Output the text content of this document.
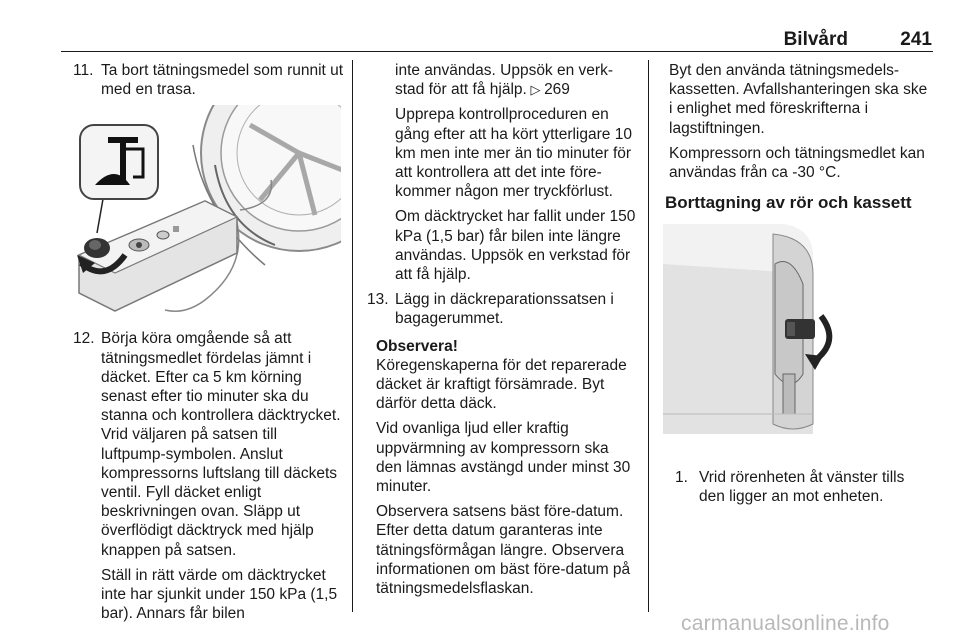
Bilvård	241

11. Ta bort tätningsmedel som runnit ut med en trasa.

12. Börja köra omgående så att tätningsmedlet fördelas jämnt i däcket. Efter ca 5 km körning senast efter tio minuter ska du stanna och kontrollera däcktrycket. Vrid väljaren på satsen till luftpump-symbolen. Anslut kompressorns luftslang till däckets ventil. Fyll däcket enligt beskrivningen ovan. Släpp ut överflödigt däcktryck med hjälp knappen på satsen.

Ställ in rätt värde om däcktrycket inte har sjunkit under 150 kPa (1,5 bar). Annars får bilen

inte användas. Uppsök en verkstad för att få hjälp. ▷ 269

Upprepa kontrollproceduren en gång efter att ha kört ytterligare 10 km men inte mer än tio minuter för att kontrollera att det inte förekommer någon mer tryckförlust.

Om däcktrycket har fallit under 150 kPa (1,5 bar) får bilen inte längre användas. Uppsök en verkstad för att få hjälp.

13. Lägg in däckreparationssatsen i bagagerummet.

Observera!

Köregenskaperna för det reparerade däcket är kraftigt försämrade. Byt därför detta däck.

Vid ovanliga ljud eller kraftig uppvärmning av kompressorn ska den lämnas avstängd under minst 30 minuter.

Observera satsens bäst före-datum. Efter detta datum garanteras inte tätningsförmågan längre. Observera informationen om bäst före-datum på tätningsmedelsflaskan.

Byt den använda tätningsmedelskassetten. Avfallshanteringen ska ske i enlighet med föreskrifterna i lagstiftningen.

Kompressorn och tätningsmedlet kan användas från ca -30 °C.

Borttagning av rör och kassett

1. Vrid rörenheten åt vänster tills den ligger an mot enheten.

carmanualsonline.info
